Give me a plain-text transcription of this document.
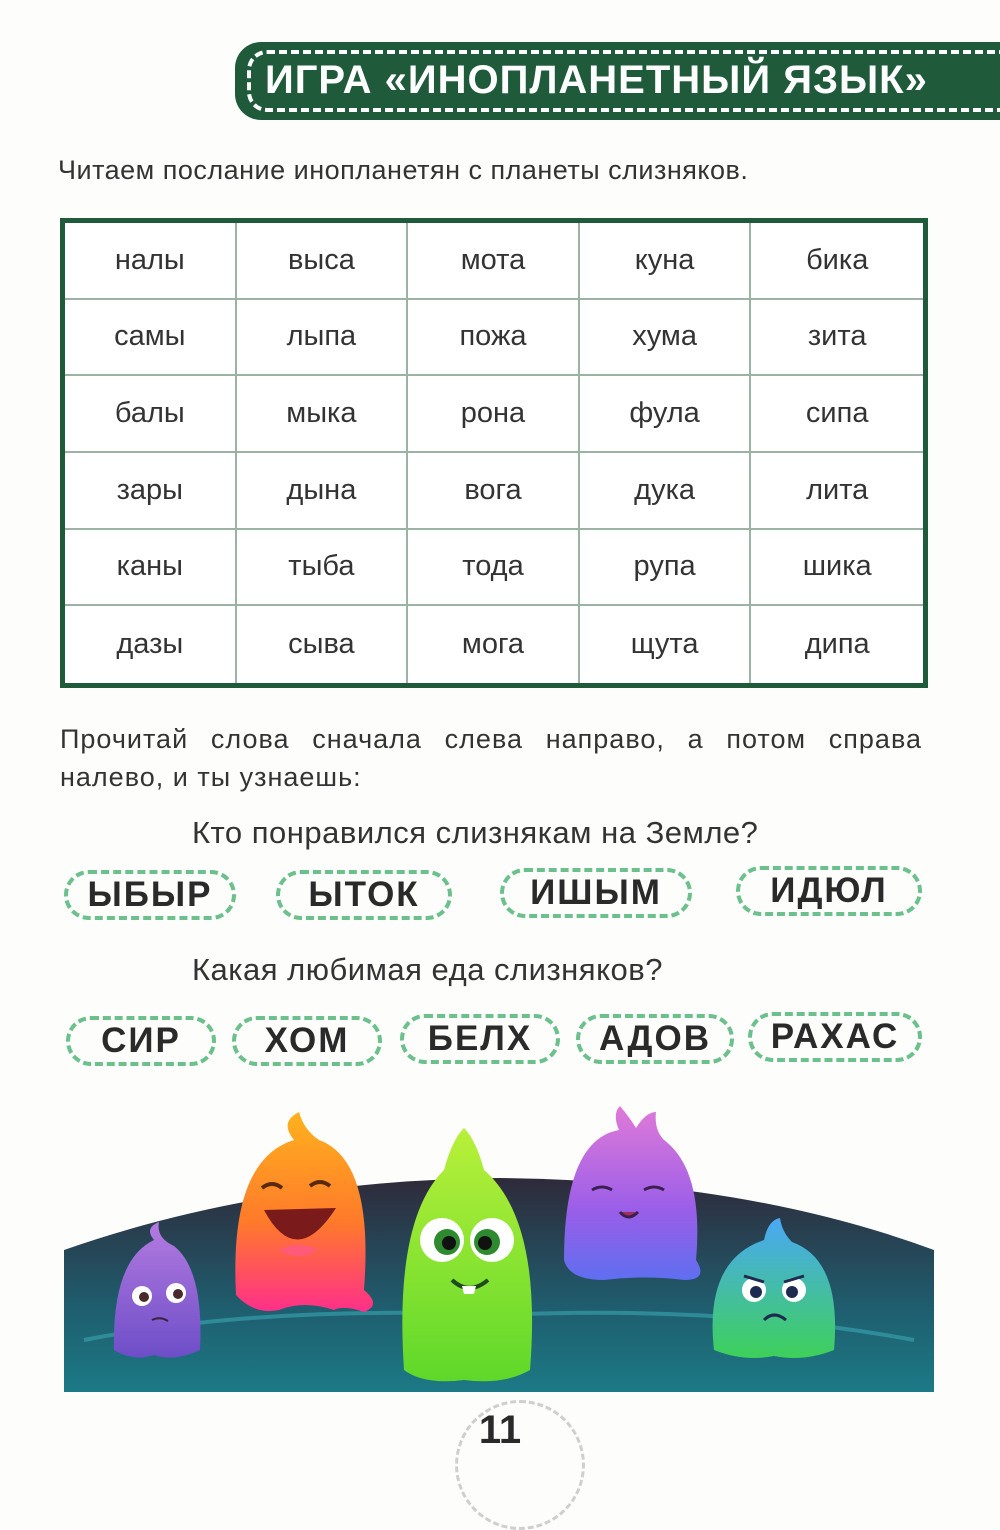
ИГРА «ИНОПЛАНЕТНЫЙ ЯЗЫК»
Читаем послание инопланетян с планеты слизняков.
налы	выса	мота	куна	бика
самы	лыпа	пожа	хума	зита
балы	мыка	рона	фула	сипа
зары	дына	вога	дука	лита
каны	тыба	тода	рупа	шика
дазы	сыва	мога	щута	дипа
Прочитай слова сначала слева направо, а потом справа налево, и ты узнаешь:
Кто понравился слизнякам на Земле?
ЫБЫР	ЫТОК	ИШЫМ	ИДЮЛ
Какая любимая еда слизняков?
СИР	ХОМ	БЕЛХ	АДОВ	РАХАС
11
